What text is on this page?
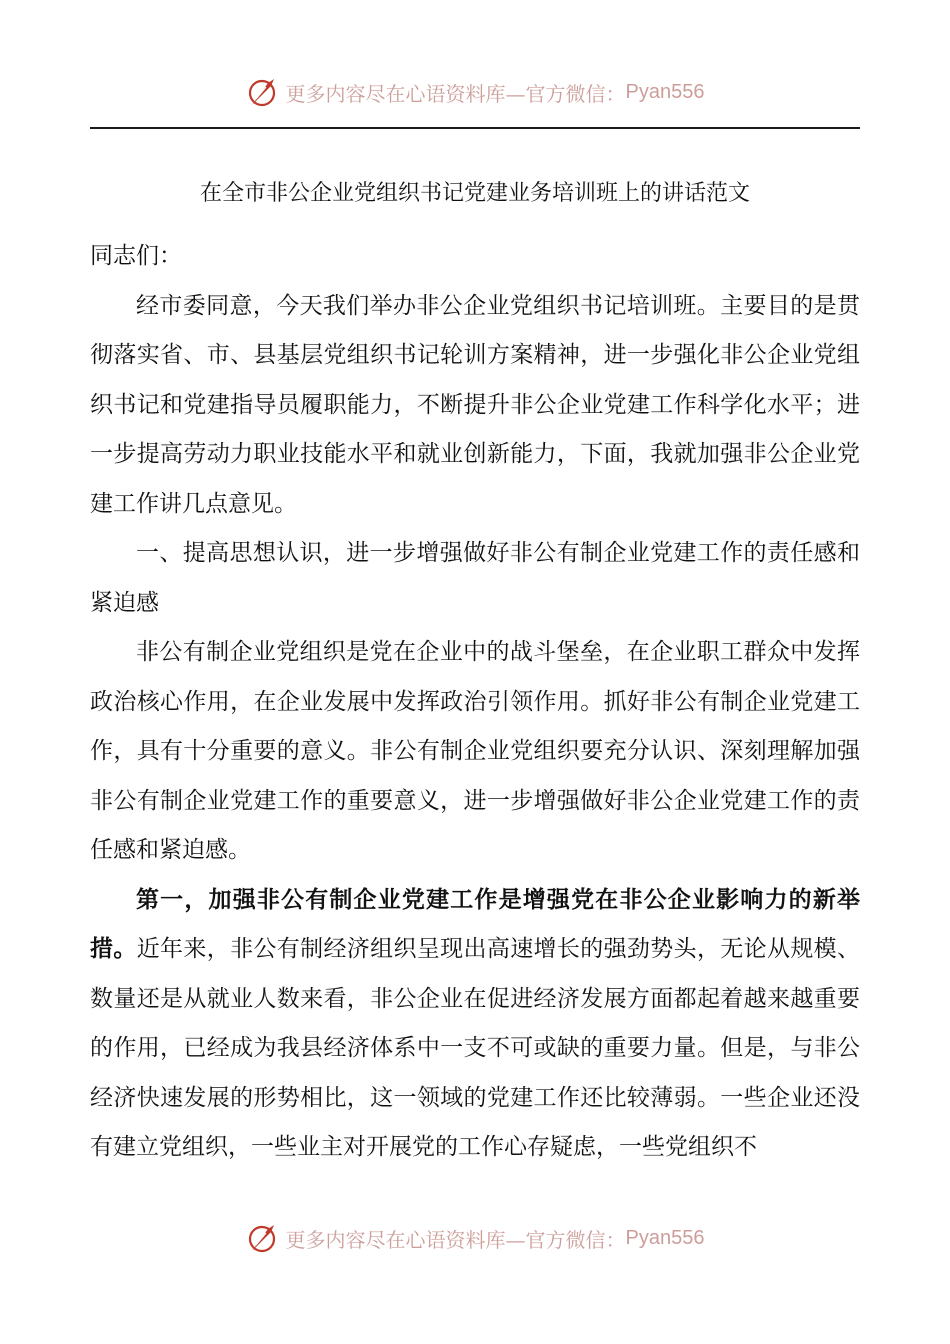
更多内容尽在心语资料库—官方微信： Pyan556
在全市非公企业党组织书记党建业务培训班上的讲话范文

同志们：

经市委同意，今天我们举办非公企业党组织书记培训班。主要目的是贯彻落实省、市、县基层党组织书记轮训方案精神，进一步强化非公企业党组织书记和党建指导员履职能力，不断提升非公企业党建工作科学化水平；进一步提高劳动力职业技能水平和就业创新能力，下面，我就加强非公企业党建工作讲几点意见。

一、提高思想认识，进一步增强做好非公有制企业党建工作的责任感和紧迫感

非公有制企业党组织是党在企业中的战斗堡垒，在企业职工群众中发挥政治核心作用，在企业发展中发挥政治引领作用。抓好非公有制企业党建工作，具有十分重要的意义。非公有制企业党组织要充分认识、深刻理解加强非公有制企业党建工作的重要意义，进一步增强做好非公企业党建工作的责任感和紧迫感。

第一，加强非公有制企业党建工作是增强党在非公企业影响力的新举措。近年来，非公有制经济组织呈现出高速增长的强劲势头，无论从规模、数量还是从就业人数来看，非公企业在促进经济发展方面都起着越来越重要的作用，已经成为我县经济体系中一支不可或缺的重要力量。但是，与非公经济快速发展的形势相比，这一领域的党建工作还比较薄弱。一些企业还没有建立党组织，一些业主对开展党的工作心存疑虑，一些党组织不

更多内容尽在心语资料库—官方微信： Pyan556
